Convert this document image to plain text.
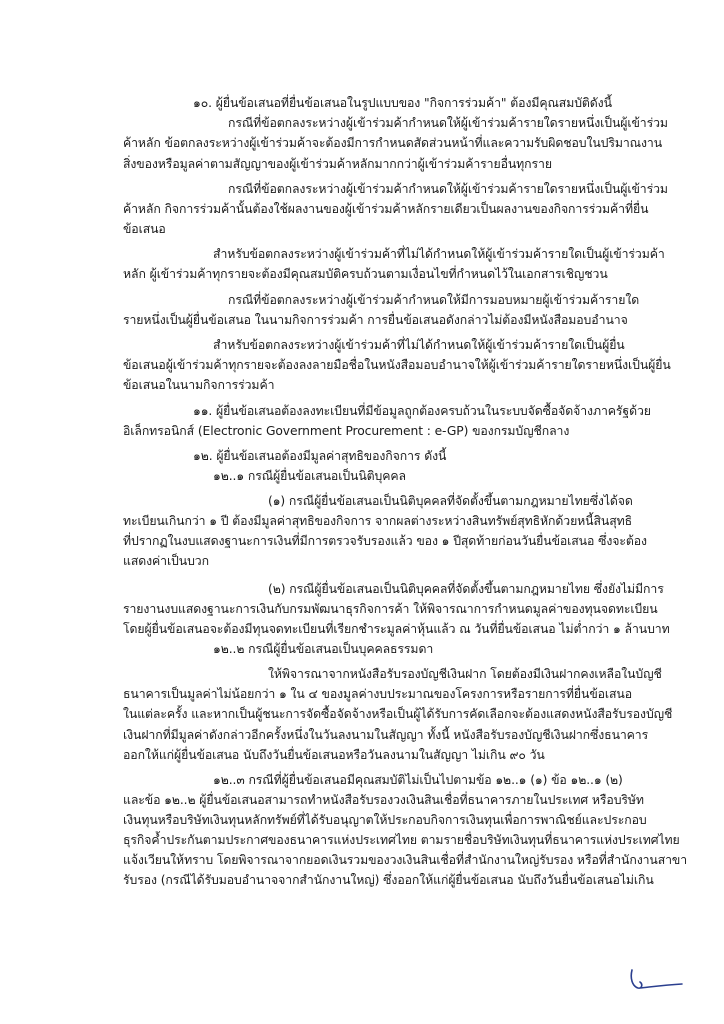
๑๐. ผู้ยื่นข้อเสนอที่ยื่นข้อเสนอในรูปแบบของ "กิจการร่วมค้า" ต้องมีคุณสมบัติดังนี้
กรณีที่ข้อตกลงระหว่างผู้เข้าร่วมค้ากำหนดให้ผู้เข้าร่วมค้ารายใดรายหนึ่งเป็นผู้เข้าร่วม
ค้าหลัก ข้อตกลงระหว่างผู้เข้าร่วมค้าจะต้องมีการกำหนดสัดส่วนหน้าที่และความรับผิดชอบในปริมาณงาน
สิ่งของหรือมูลค่าตามสัญญาของผู้เข้าร่วมค้าหลักมากกว่าผู้เข้าร่วมค้ารายอื่นทุกราย
กรณีที่ข้อตกลงระหว่างผู้เข้าร่วมค้ากำหนดให้ผู้เข้าร่วมค้ารายใดรายหนึ่งเป็นผู้เข้าร่วม
ค้าหลัก กิจการร่วมค้านั้นต้องใช้ผลงานของผู้เข้าร่วมค้าหลักรายเดียวเป็นผลงานของกิจการร่วมค้าที่ยื่น
ข้อเสนอ
สำหรับข้อตกลงระหว่างผู้เข้าร่วมค้าที่ไม่ได้กำหนดให้ผู้เข้าร่วมค้ารายใดเป็นผู้เข้าร่วมค้า
หลัก ผู้เข้าร่วมค้าทุกรายจะต้องมีคุณสมบัติครบถ้วนตามเงื่อนไขที่กำหนดไว้ในเอกสารเชิญชวน
กรณีที่ข้อตกลงระหว่างผู้เข้าร่วมค้ากำหนดให้มีการมอบหมายผู้เข้าร่วมค้ารายใด
รายหนึ่งเป็นผู้ยื่นข้อเสนอ ในนามกิจการร่วมค้า การยื่นข้อเสนอดังกล่าวไม่ต้องมีหนังสือมอบอำนาจ
สำหรับข้อตกลงระหว่างผู้เข้าร่วมค้าที่ไม่ได้กำหนดให้ผู้เข้าร่วมค้ารายใดเป็นผู้ยื่น
ข้อเสนอผู้เข้าร่วมค้าทุกรายจะต้องลงลายมือชื่อในหนังสือมอบอำนาจให้ผู้เข้าร่วมค้ารายใดรายหนึ่งเป็นผู้ยื่น
ข้อเสนอในนามกิจการร่วมค้า
๑๑. ผู้ยื่นข้อเสนอต้องลงทะเบียนที่มีข้อมูลถูกต้องครบถ้วนในระบบจัดซื้อจัดจ้างภาครัฐด้วย
อิเล็กทรอนิกส์ (Electronic Government Procurement : e-GP) ของกรมบัญชีกลาง
๑๒. ผู้ยื่นข้อเสนอต้องมีมูลค่าสุทธิของกิจการ ดังนี้
๑๒..๑ กรณีผู้ยื่นข้อเสนอเป็นนิติบุคคล
(๑) กรณีผู้ยื่นข้อเสนอเป็นนิติบุคคลที่จัดตั้งขึ้นตามกฎหมายไทยซึ่งได้จด
ทะเบียนเกินกว่า ๑ ปี ต้องมีมูลค่าสุทธิของกิจการ จากผลต่างระหว่างสินทรัพย์สุทธิหักด้วยหนี้สินสุทธิ
ที่ปรากฏในงบแสดงฐานะการเงินที่มีการตรวจรับรองแล้ว ของ ๑ ปีสุดท้ายก่อนวันยื่นข้อเสนอ ซึ่งจะต้อง
แสดงค่าเป็นบวก
(๒) กรณีผู้ยื่นข้อเสนอเป็นนิติบุคคลที่จัดตั้งขึ้นตามกฎหมายไทย ซึ่งยังไม่มีการ
รายงานงบแสดงฐานะการเงินกับกรมพัฒนาธุรกิจการค้า ให้พิจารณาการกำหนดมูลค่าของทุนจดทะเบียน
โดยผู้ยื่นข้อเสนอจะต้องมีทุนจดทะเบียนที่เรียกชำระมูลค่าหุ้นแล้ว ณ วันที่ยื่นข้อเสนอ ไม่ต่ำกว่า ๑ ล้านบาท
๑๒..๒ กรณีผู้ยื่นข้อเสนอเป็นบุคคลธรรมดา
ให้พิจารณาจากหนังสือรับรองบัญชีเงินฝาก โดยต้องมีเงินฝากคงเหลือในบัญชี
ธนาคารเป็นมูลค่าไม่น้อยกว่า ๑ ใน ๔ ของมูลค่างบประมาณของโครงการหรือรายการที่ยื่นข้อเสนอ
ในแต่ละครั้ง และหากเป็นผู้ชนะการจัดซื้อจัดจ้างหรือเป็นผู้ได้รับการคัดเลือกจะต้องแสดงหนังสือรับรองบัญชี
เงินฝากที่มีมูลค่าดังกล่าวอีกครั้งหนึ่งในวันลงนามในสัญญา ทั้งนี้ หนังสือรับรองบัญชีเงินฝากซึ่งธนาคาร
ออกให้แก่ผู้ยื่นข้อเสนอ นับถึงวันยื่นข้อเสนอหรือวันลงนามในสัญญา ไม่เกิน ๙๐ วัน
๑๒..๓ กรณีที่ผู้ยื่นข้อเสนอมีคุณสมบัติไม่เป็นไปตามข้อ ๑๒..๑ (๑) ข้อ ๑๒..๑ (๒)
และข้อ ๑๒..๒ ผู้ยื่นข้อเสนอสามารถทำหนังสือรับรองวงเงินสินเชื่อที่ธนาคารภายในประเทศ หรือบริษัท
เงินทุนหรือบริษัทเงินทุนหลักทรัพย์ที่ได้รับอนุญาตให้ประกอบกิจการเงินทุนเพื่อการพาณิชย์และประกอบ
ธุรกิจค้ำประกันตามประกาศของธนาคารแห่งประเทศไทย ตามรายชื่อบริษัทเงินทุนที่ธนาคารแห่งประเทศไทย
แจ้งเวียนให้ทราบ โดยพิจารณาจากยอดเงินรวมของวงเงินสินเชื่อที่สำนักงานใหญ่รับรอง หรือที่สำนักงานสาขา
รับรอง (กรณีได้รับมอบอำนาจจากสำนักงานใหญ่) ซึ่งออกให้แก่ผู้ยื่นข้อเสนอ นับถึงวันยื่นข้อเสนอไม่เกิน
